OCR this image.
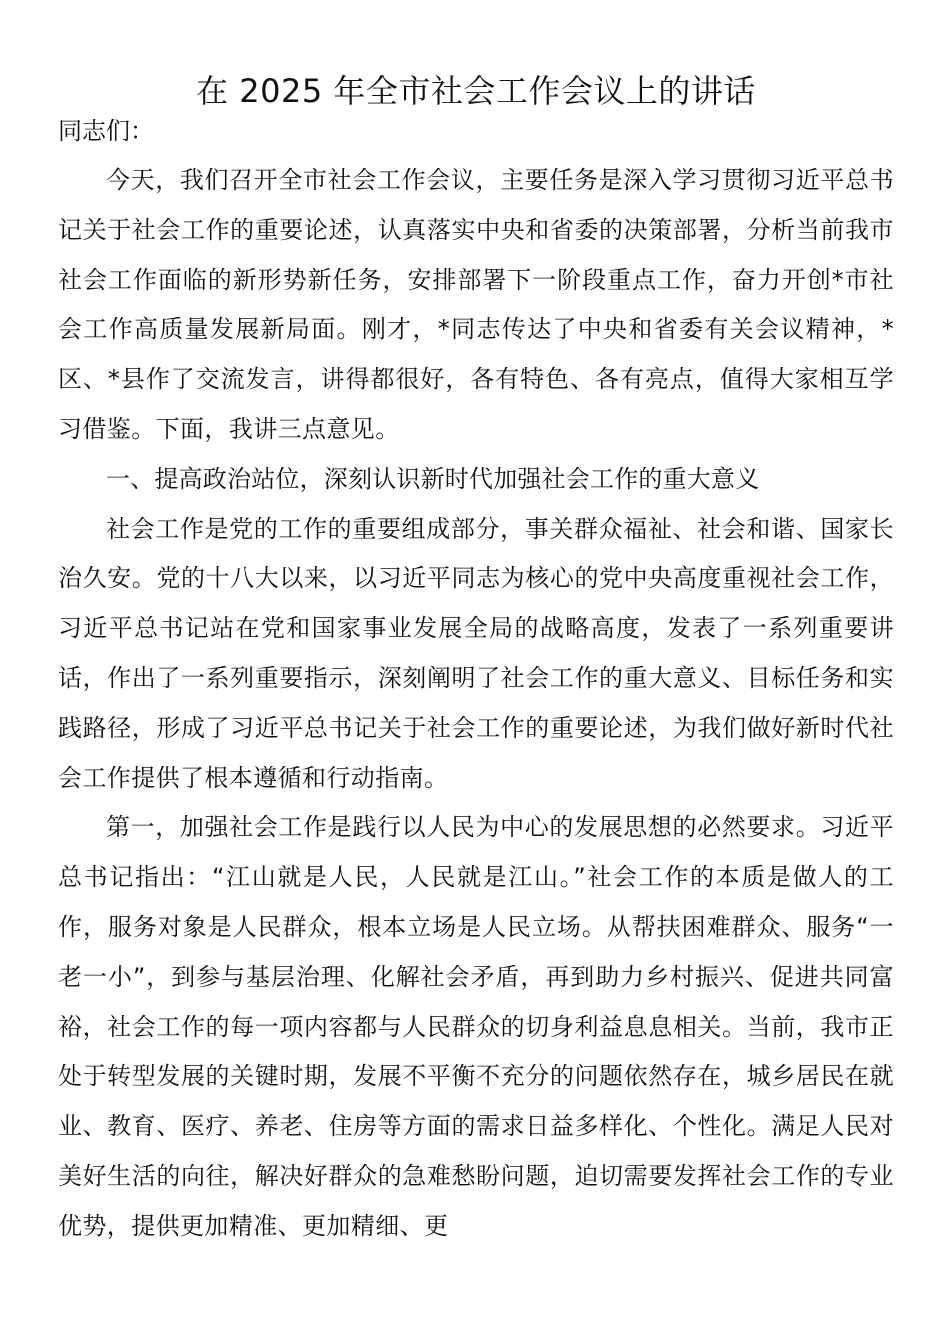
在 2025 年全市社会工作会议上的讲话

同志们：

今天，我们召开全市社会工作会议，主要任务是深入学习贯彻习近平总书记关于社会工作的重要论述，认真落实中央和省委的决策部署，分析当前我市社会工作面临的新形势新任务，安排部署下一阶段重点工作，奋力开创*市社会工作高质量发展新局面。刚才，*同志传达了中央和省委有关会议精神，*区、*县作了交流发言，讲得都很好，各有特色、各有亮点，值得大家相互学习借鉴。下面，我讲三点意见。

一、提高政治站位，深刻认识新时代加强社会工作的重大意义

社会工作是党的工作的重要组成部分，事关群众福祉、社会和谐、国家长治久安。党的十八大以来，以习近平同志为核心的党中央高度重视社会工作，习近平总书记站在党和国家事业发展全局的战略高度，发表了一系列重要讲话，作出了一系列重要指示，深刻阐明了社会工作的重大意义、目标任务和实践路径，形成了习近平总书记关于社会工作的重要论述，为我们做好新时代社会工作提供了根本遵循和行动指南。

第一，加强社会工作是践行以人民为中心的发展思想的必然要求。习近平总书记指出：“江山就是人民，人民就是江山。”社会工作的本质是做人的工作，服务对象是人民群众，根本立场是人民立场。从帮扶困难群众、服务“一老一小”，到参与基层治理、化解社会矛盾，再到助力乡村振兴、促进共同富裕，社会工作的每一项内容都与人民群众的切身利益息息相关。当前，我市正处于转型发展的关键时期，发展不平衡不充分的问题依然存在，城乡居民在就业、教育、医疗、养老、住房等方面的需求日益多样化、个性化。满足人民对美好生活的向往，解决好群众的急难愁盼问题，迫切需要发挥社会工作的专业优势，提供更加精准、更加精细、更
